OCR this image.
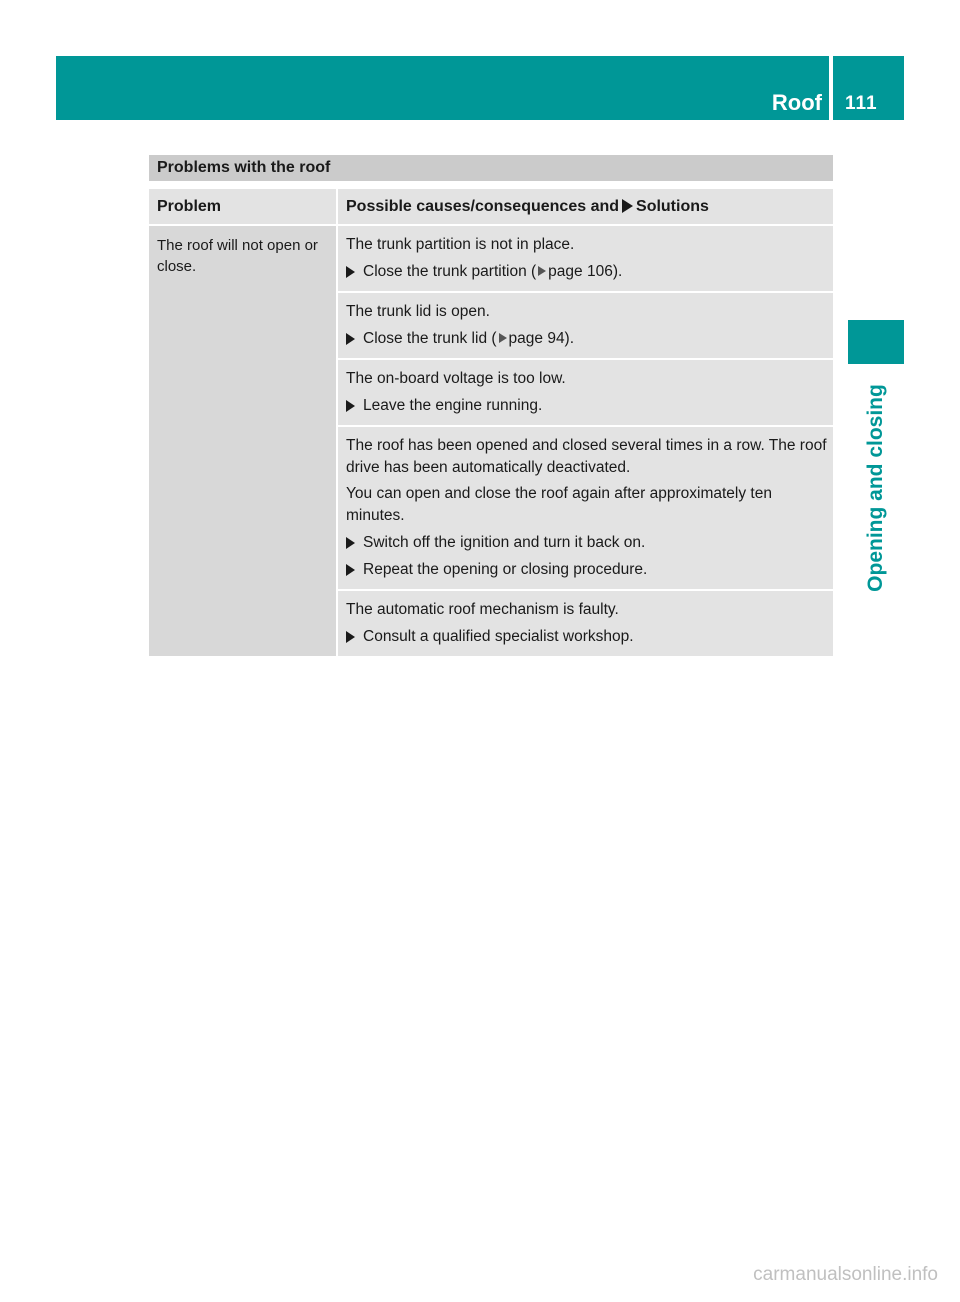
Roof 111
Opening and closing
Problems with the roof
Problem	Possible causes/consequences and Solutions
The roof will not open or close.

The trunk partition is not in place.

Close the trunk partition ( page 106).

The trunk lid is open.

Close the trunk lid ( page 94).

The on-board voltage is too low.

Leave the engine running.

The roof has been opened and closed several times in a row. The roof drive has been automatically deactivated.

You can open and close the roof again after approximately ten minutes.

Switch off the ignition and turn it back on.
Repeat the opening or closing procedure.

The automatic roof mechanism is faulty.

Consult a qualified specialist workshop.
carmanualsonline.info
